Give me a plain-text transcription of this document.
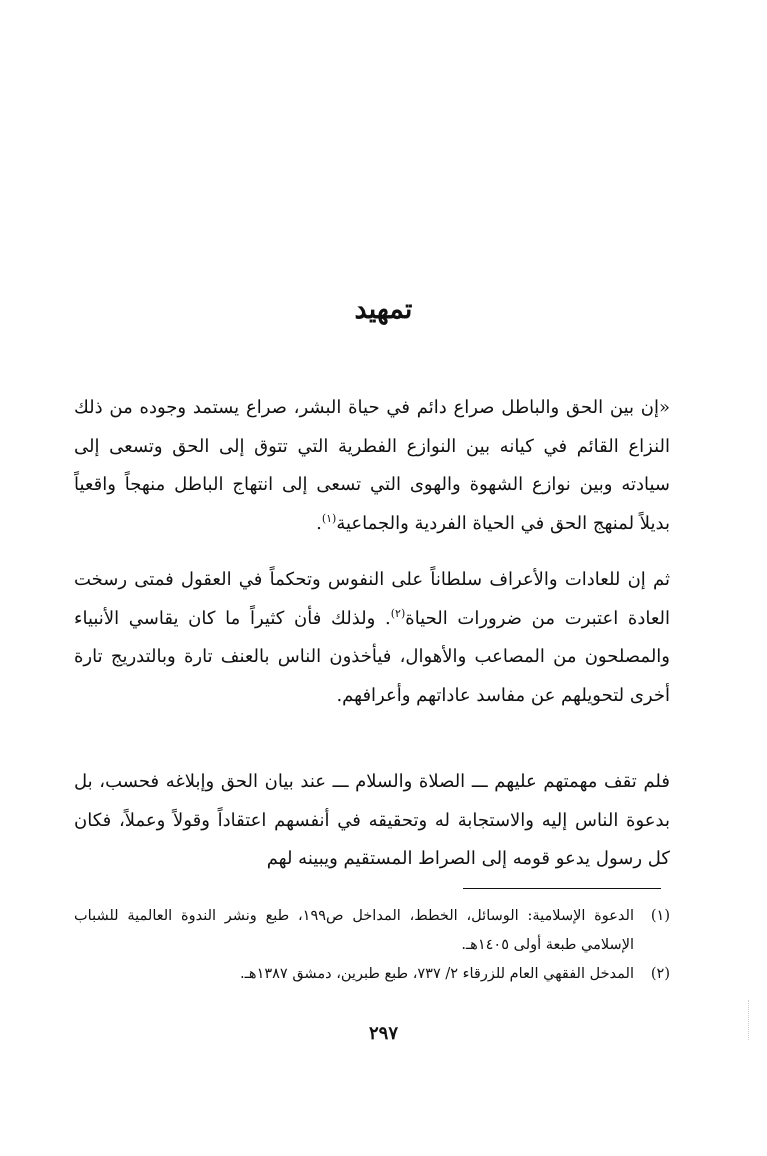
تمهيد

«إن بين الحق والباطل صراع دائم في حياة البشر، صراع يستمد وجوده من ذلك النزاع القائم في كيانه بين النوازع الفطرية التي تتوق إلى الحق وتسعى إلى سيادته وبين نوازع الشهوة والهوى التي تسعى إلى انتهاج الباطل منهجاً واقعياً بديلاً لمنهج الحق في الحياة الفردية والجماعية$^{(١)}$.

ثم إن للعادات والأعراف سلطاناً على النفوس وتحكماً في العقول فمتى رسخت العادة اعتبرت من ضرورات الحياة$^{(٢)}$. ولذلك فأن كثيراً ما كان يقاسي الأنبياء والمصلحون من المصاعب والأهوال، فيأخذون الناس بالعنف تارة وبالتدريج تارة أخرى لتحويلهم عن مفاسد عاداتهم وأعرافهم.

فلم تقف مهمتهم عليهم ـــ الصلاة والسلام ـــ عند بيان الحق وإبلاغه فحسب، بل بدعوة الناس إليه والاستجابة له وتحقيقه في أنفسهم اعتقاداً وقولاً وعملاً، فكان كل رسول يدعو قومه إلى الصراط المستقيم ويبينه لهم

(١)
الدعوة الإسلامية: الوسائل، الخطط، المداخل ص١٩٩، طبع ونشر الندوة العالمية للشباب الإسلامي طبعة أولى ١٤٠٥هـ.
(٢)
المدخل الفقهي العام للزرقاء ٢/ ٧٣٧، طبع طبرين، دمشق ١٣٨٧هـ.
٢٩٧
